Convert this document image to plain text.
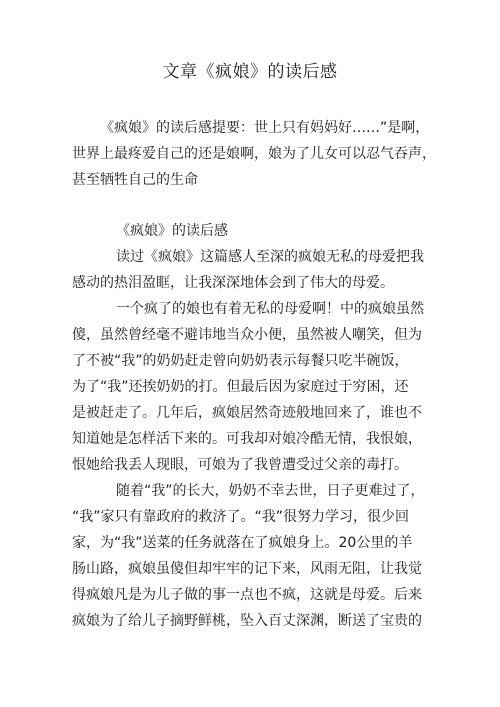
文章《疯娘》的读后感
《疯娘》的读后感提要：世上只有妈妈好……”是啊，
世界上最疼爱自己的还是娘啊，娘为了儿女可以忍气吞声，
甚至牺牲自己的生命
《疯娘》的读后感
读过《疯娘》这篇感人至深的疯娘无私的母爱把我
感动的热泪盈眶，让我深深地体会到了伟大的母爱。
一个疯了的娘也有着无私的母爱啊！中的疯娘虽然
傻，虽然曾经毫不避讳地当众小便，虽然被人嘲笑，但为
了不被“我”的奶奶赶走曾向奶奶表示每餐只吃半碗饭，
为了“我”还挨奶奶的打。但最后因为家庭过于穷困，还
是被赶走了。几年后，疯娘居然奇迹般地回来了，谁也不
知道她是怎样活下来的。可我却对娘冷酷无情，我恨娘，
恨她给我丢人现眼，可娘为了我曾遭受过父亲的毒打。
随着“我”的长大，奶奶不幸去世，日子更难过了，
“我”家只有靠政府的救济了。“我”很努力学习，很少回
家，为“我”送菜的任务就落在了疯娘身上。20公里的羊
肠山路，疯娘虽傻但却牢牢的记下来，风雨无阻，让我觉
得疯娘凡是为儿子做的事一点也不疯，这就是母爱。后来
疯娘为了给儿子摘野鲜桃，坠入百丈深渊，断送了宝贵的
